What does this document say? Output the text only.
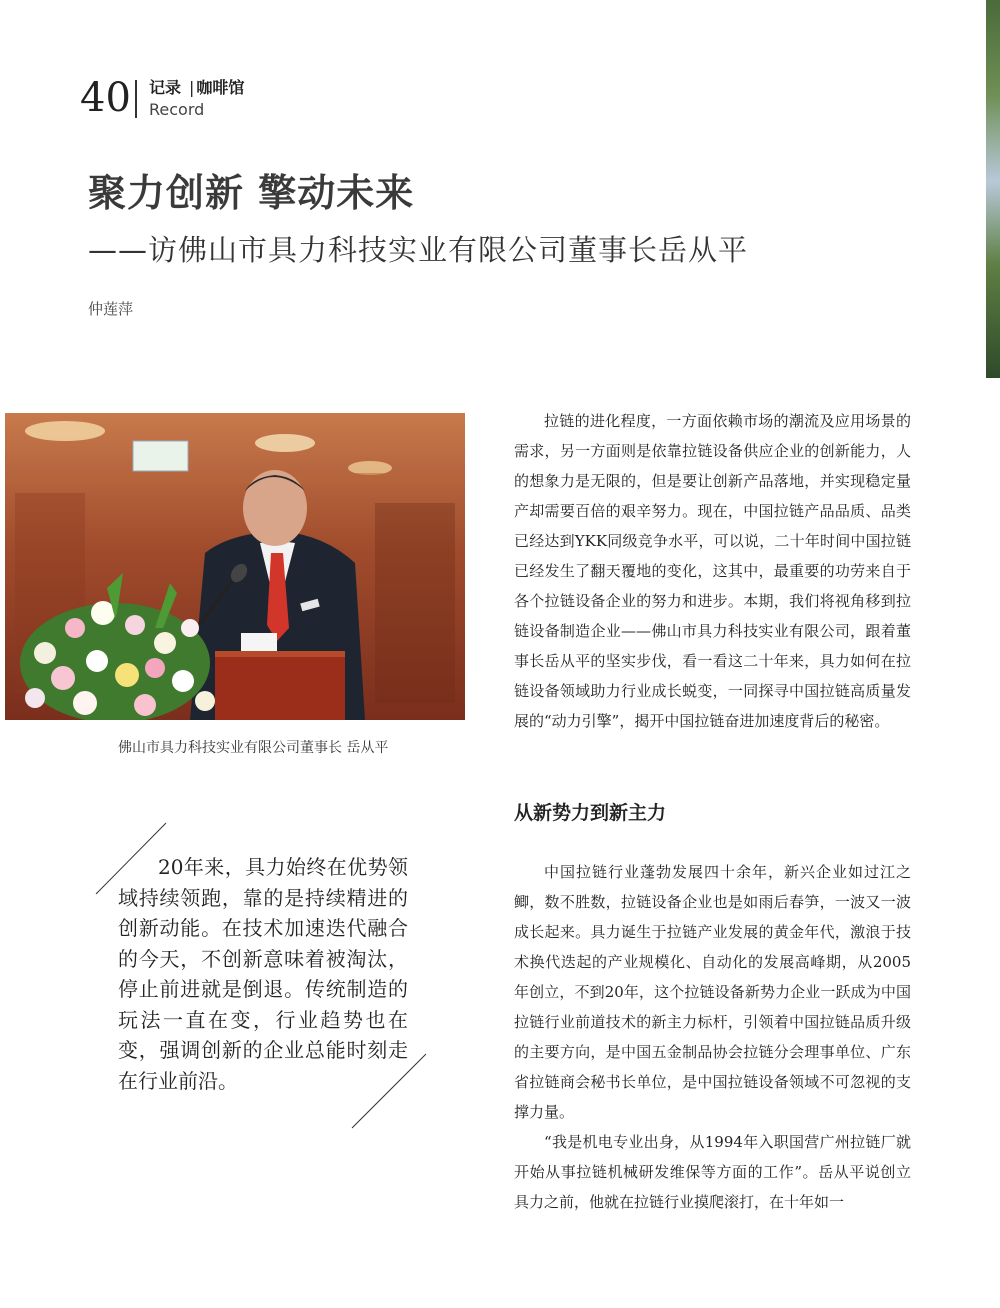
40 记录 | 咖啡馆
Record
聚力创新 擎动未来
——访佛山市具力科技实业有限公司董事长岳从平
仲莲萍
佛山市具力科技实业有限公司董事长 岳从平
20年来，具力始终在优势领域持续领跑，靠的是持续精进的创新动能。在技术加速迭代融合的今天，不创新意味着被淘汰，停止前进就是倒退。传统制造的玩法一直在变，行业趋势也在变，强调创新的企业总能时刻走在行业前沿。

拉链的进化程度，一方面依赖市场的潮流及应用场景的需求，另一方面则是依靠拉链设备供应企业的创新能力，人的想象力是无限的，但是要让创新产品落地，并实现稳定量产却需要百倍的艰辛努力。现在，中国拉链产品品质、品类已经达到YKK同级竞争水平，可以说，二十年时间中国拉链已经发生了翻天覆地的变化，这其中，最重要的功劳来自于各个拉链设备企业的努力和进步。本期，我们将视角移到拉链设备制造企业——佛山市具力科技实业有限公司，跟着董事长岳从平的坚实步伐，看一看这二十年来，具力如何在拉链设备领域助力行业成长蜕变，一同探寻中国拉链高质量发展的“动力引擎”，揭开中国拉链奋进加速度背后的秘密。

从新势力到新主力

中国拉链行业蓬勃发展四十余年，新兴企业如过江之鲫，数不胜数，拉链设备企业也是如雨后春笋，一波又一波成长起来。具力诞生于拉链产业发展的黄金年代，激浪于技术换代迭起的产业规模化、自动化的发展高峰期，从2005年创立，不到20年，这个拉链设备新势力企业一跃成为中国拉链行业前道技术的新主力标杆，引领着中国拉链品质升级的主要方向，是中国五金制品协会拉链分会理事单位、广东省拉链商会秘书长单位，是中国拉链设备领域不可忽视的支撑力量。

“我是机电专业出身，从1994年入职国营广州拉链厂就开始从事拉链机械研发维保等方面的工作”。岳从平说创立具力之前，他就在拉链行业摸爬滚打，在十年如一
